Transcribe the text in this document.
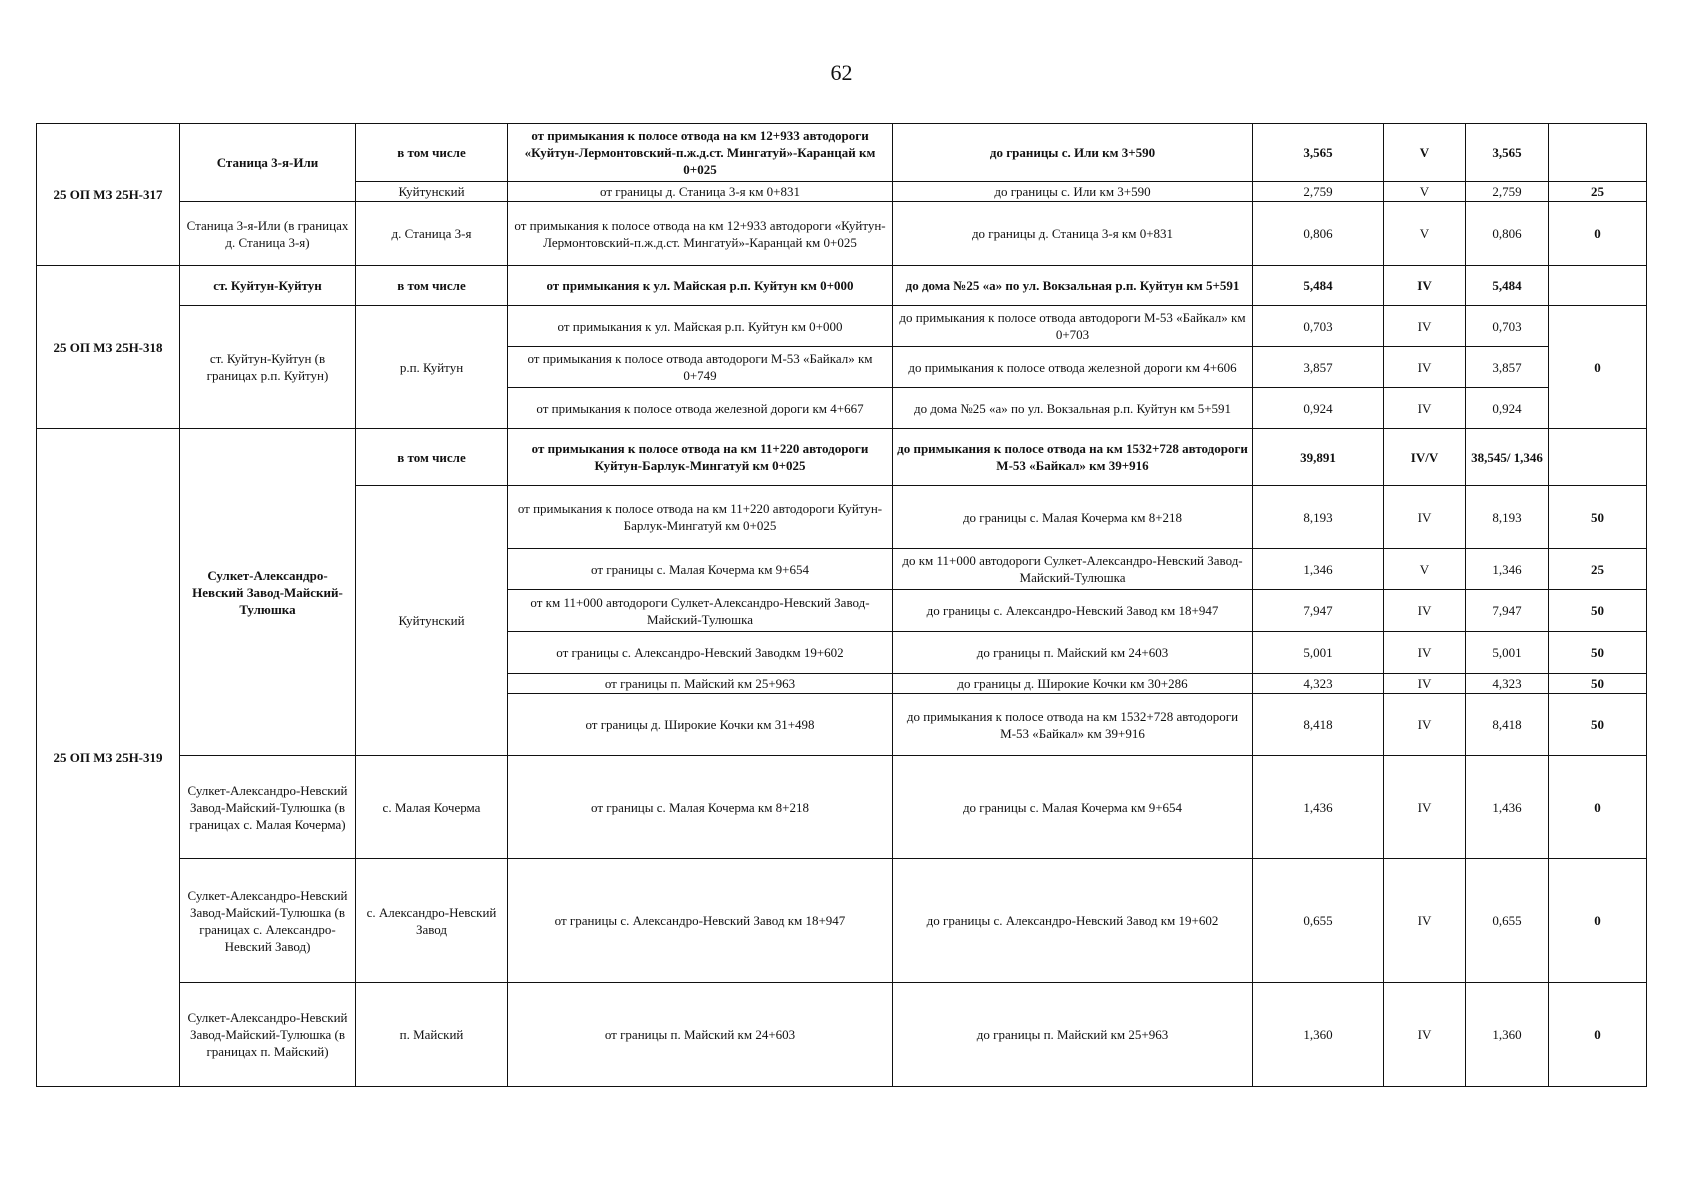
62
25 ОП МЗ 25Н-317	Станица 3-я-Или	в том числе	от примыкания к полосе отвода на км 12+933 автодороги «Куйтун-Лермонтовский-п.ж.д.ст. Мингатуй»-Каранцай км 0+025	до границы с. Или км 3+590	3,565	V	3,565	
		Куйтунский	от границы д. Станица 3-я км 0+831	до границы с. Или км 3+590	2,759	V	2,759	25
	Станица 3-я-Или (в границах д. Станица 3-я)	д. Станица 3-я	от примыкания к полосе отвода на км 12+933 автодороги «Куйтун-Лермонтовский-п.ж.д.ст. Мингатуй»-Каранцай км 0+025	до границы д. Станица 3-я км 0+831	0,806	V	0,806	0
25 ОП МЗ 25Н-318	ст. Куйтун-Куйтун	в том числе	от примыкания к ул. Майская р.п. Куйтун км 0+000	до дома №25 «а» по ул. Вокзальная р.п. Куйтун км 5+591	5,484	IV	5,484	
	ст. Куйтун-Куйтун (в границах р.п. Куйтун)	р.п. Куйтун	от примыкания к ул. Майская р.п. Куйтун км 0+000	до примыкания к полосе отвода автодороги М-53 «Байкал» км 0+703	0,703	IV	0,703	0
			от примыкания к полосе отвода автодороги М-53 «Байкал» км 0+749	до примыкания к полосе отвода железной дороги км 4+606	3,857	IV	3,857	
			от примыкания к полосе отвода железной дороги км 4+667	до дома №25 «а» по ул. Вокзальная р.п. Куйтун км 5+591	0,924	IV	0,924	
25 ОП МЗ 25Н-319	Сулкет-Александро-Невский Завод-Майский-Тулюшка	в том числе	от примыкания к полосе отвода на км 11+220 автодороги Куйтун-Барлук-Мингатуй км 0+025	до примыкания к полосе отвода на км 1532+728 автодороги М-53 «Байкал» км 39+916	39,891	IV/V	38,545/ 1,346	
		Куйтунский	от примыкания к полосе отвода на км 11+220 автодороги Куйтун-Барлук-Мингатуй км 0+025	до границы с. Малая Кочерма км 8+218	8,193	IV	8,193	50
			от границы с. Малая Кочерма км 9+654	до км 11+000 автодороги Сулкет-Александро-Невский Завод-Майский-Тулюшка	1,346	V	1,346	25
			от км 11+000 автодороги Сулкет-Александро-Невский Завод-Майский-Тулюшка	до границы с. Александро-Невский Завод км 18+947	7,947	IV	7,947	50
			от границы с. Александро-Невский Заводкм 19+602	до границы п. Майский км 24+603	5,001	IV	5,001	50
			от границы п. Майский км 25+963	до границы д. Широкие Кочки км 30+286	4,323	IV	4,323	50
			от границы д. Широкие Кочки км 31+498	до примыкания к полосе отвода на км 1532+728 автодороги М-53 «Байкал» км 39+916	8,418	IV	8,418	50
	Сулкет-Александро-Невский Завод-Майский-Тулюшка (в границах с. Малая Кочерма)	с. Малая Кочерма	от границы с. Малая Кочерма км 8+218	до границы с. Малая Кочерма км 9+654	1,436	IV	1,436	0
	Сулкет-Александро-Невский Завод-Майский-Тулюшка (в границах с. Александро-Невский Завод)	с. Александро-Невский Завод	от границы с. Александро-Невский Завод км 18+947	до границы с. Александро-Невский Завод км 19+602	0,655	IV	0,655	0
	Сулкет-Александро-Невский Завод-Майский-Тулюшка (в границах п. Майский)	п. Майский	от границы п. Майский км 24+603	до границы п. Майский км 25+963	1,360	IV	1,360	0
